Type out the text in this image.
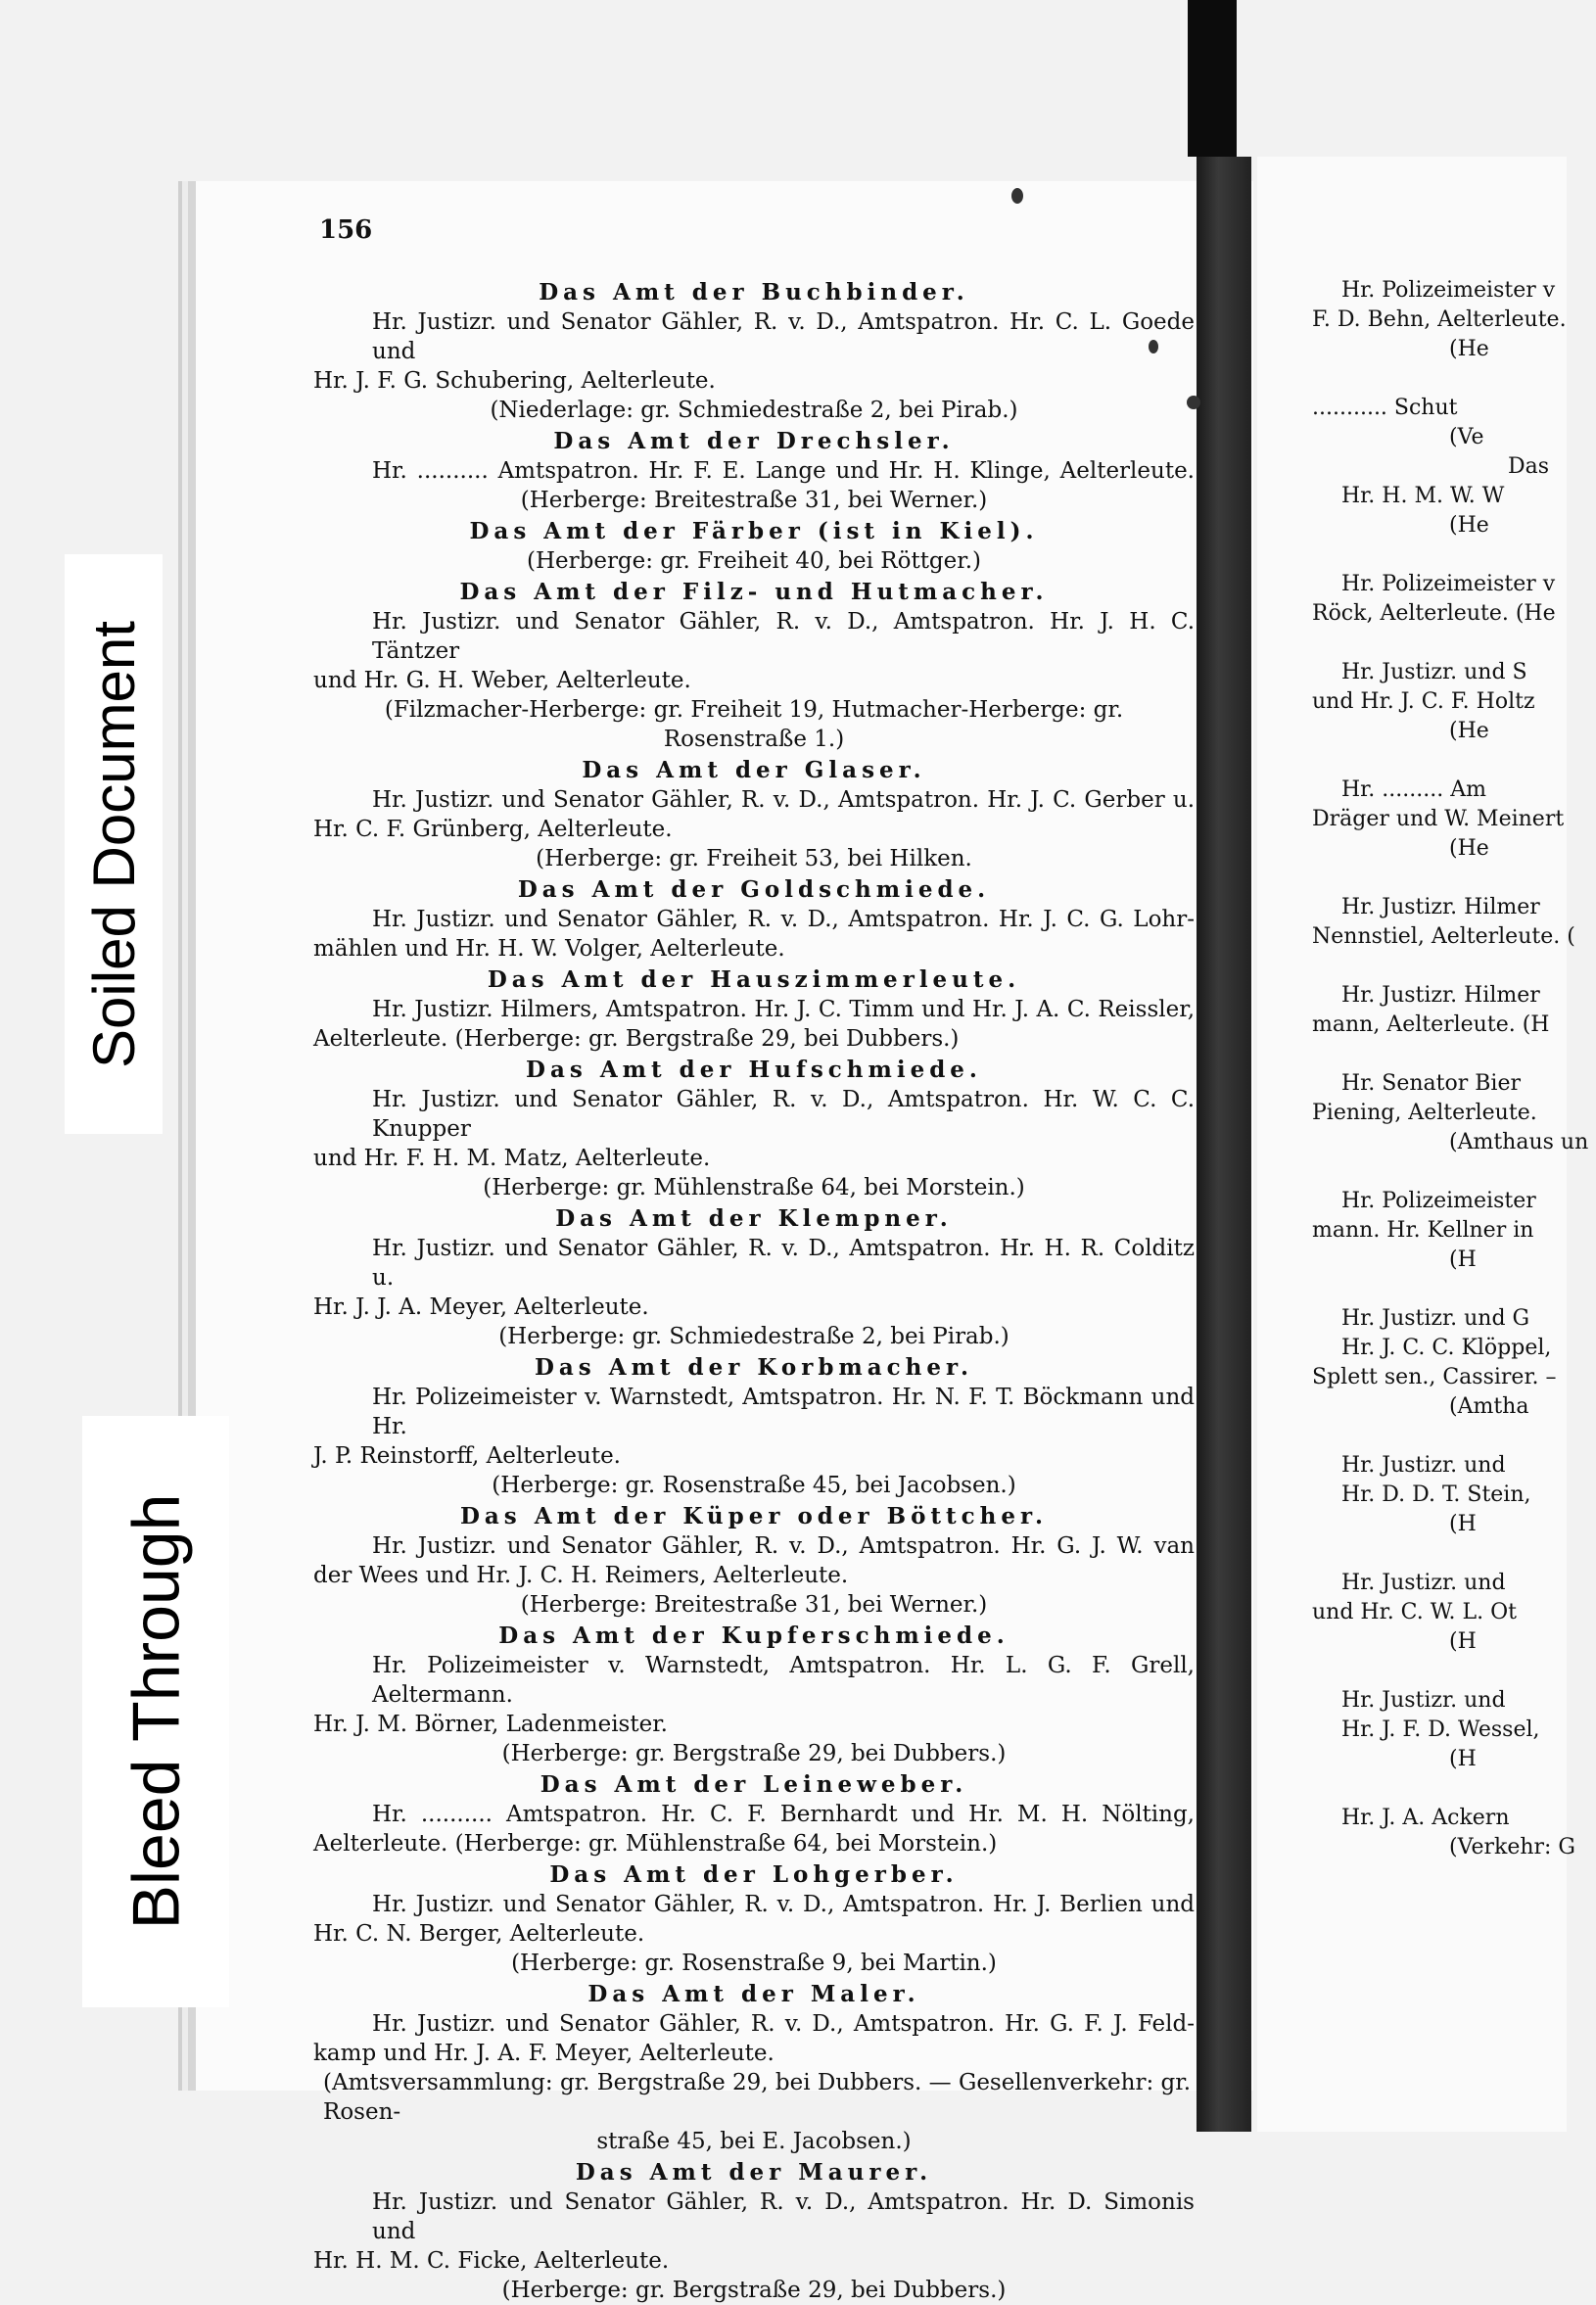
156
Das Amt der Buchbinder.
Hr. Justizr. und Senator Gähler, R. v. D., Amtspatron. Hr. C. L. Goede und
Hr. J. F. G. Schubering, Aelterleute.
(Niederlage: gr. Schmiedestraße 2, bei Pirab.)
Das Amt der Drechsler.
Hr. .......... Amtspatron. Hr. F. E. Lange und Hr. H. Klinge, Aelterleute.
(Herberge: Breitestraße 31, bei Werner.)
Das Amt der Färber (ist in Kiel).
(Herberge: gr. Freiheit 40, bei Röttger.)
Das Amt der Filz- und Hutmacher.
Hr. Justizr. und Senator Gähler, R. v. D., Amtspatron. Hr. J. H. C. Täntzer
und Hr. G. H. Weber, Aelterleute.
(Filzmacher-Herberge: gr. Freiheit 19, Hutmacher-Herberge: gr. Rosenstraße 1.)
Das Amt der Glaser.
Hr. Justizr. und Senator Gähler, R. v. D., Amtspatron. Hr. J. C. Gerber u.
Hr. C. F. Grünberg, Aelterleute.
(Herberge: gr. Freiheit 53, bei Hilken.
Das Amt der Goldschmiede.
Hr. Justizr. und Senator Gähler, R. v. D., Amtspatron. Hr. J. C. G. Lohr-
mählen und Hr. H. W. Volger, Aelterleute.
Das Amt der Hauszimmerleute.
Hr. Justizr. Hilmers, Amtspatron. Hr. J. C. Timm und Hr. J. A. C. Reissler,
Aelterleute. (Herberge: gr. Bergstraße 29, bei Dubbers.)
Das Amt der Hufschmiede.
Hr. Justizr. und Senator Gähler, R. v. D., Amtspatron. Hr. W. C. C. Knupper
und Hr. F. H. M. Matz, Aelterleute.
(Herberge: gr. Mühlenstraße 64, bei Morstein.)
Das Amt der Klempner.
Hr. Justizr. und Senator Gähler, R. v. D., Amtspatron. Hr. H. R. Colditz u.
Hr. J. J. A. Meyer, Aelterleute.
(Herberge: gr. Schmiedestraße 2, bei Pirab.)
Das Amt der Korbmacher.
Hr. Polizeimeister v. Warnstedt, Amtspatron. Hr. N. F. T. Böckmann und Hr.
J. P. Reinstorff, Aelterleute.
(Herberge: gr. Rosenstraße 45, bei Jacobsen.)
Das Amt der Küper oder Böttcher.
Hr. Justizr. und Senator Gähler, R. v. D., Amtspatron. Hr. G. J. W. van
der Wees und Hr. J. C. H. Reimers, Aelterleute.
(Herberge: Breitestraße 31, bei Werner.)
Das Amt der Kupferschmiede.
Hr. Polizeimeister v. Warnstedt, Amtspatron. Hr. L. G. F. Grell, Aeltermann.
Hr. J. M. Börner, Ladenmeister.
(Herberge: gr. Bergstraße 29, bei Dubbers.)
Das Amt der Leineweber.
Hr. .......... Amtspatron. Hr. C. F. Bernhardt und Hr. M. H. Nölting,
Aelterleute. (Herberge: gr. Mühlenstraße 64, bei Morstein.)
Das Amt der Lohgerber.
Hr. Justizr. und Senator Gähler, R. v. D., Amtspatron. Hr. J. Berlien und
Hr. C. N. Berger, Aelterleute.
(Herberge: gr. Rosenstraße 9, bei Martin.)
Das Amt der Maler.
Hr. Justizr. und Senator Gähler, R. v. D., Amtspatron. Hr. G. F. J. Feld-
kamp und Hr. J. A. F. Meyer, Aelterleute.
(Amtsversammlung: gr. Bergstraße 29, bei Dubbers. — Gesellenverkehr: gr. Rosen-
straße 45, bei E. Jacobsen.)
Das Amt der Maurer.
Hr. Justizr. und Senator Gähler, R. v. D., Amtspatron. Hr. D. Simonis und
Hr. H. M. C. Ficke, Aelterleute.
(Herberge: gr. Bergstraße 29, bei Dubbers.)
Hr. Polizeimeister v
F. D. Behn, Aelterleute.
(He
........... Schut
(Ve
Das
Hr. H. M. W. W
(He
Hr. Polizeimeister v
Röck, Aelterleute. (He
Hr. Justizr. und S
und Hr. J. C. F. Holtz
(He
Hr. ......... Am
Dräger und W. Meinert
(He
Hr. Justizr. Hilmer
Nennstiel, Aelterleute. (
Hr. Justizr. Hilmer
mann, Aelterleute. (H
Hr. Senator Bier
Piening, Aelterleute.
(Amthaus un
Hr. Polizeimeister
mann. Hr. Kellner in
(H
Hr. Justizr. und G
Hr. J. C. C. Klöppel,
Splett sen., Cassirer. –
(Amtha
Hr. Justizr. und
Hr. D. D. T. Stein,
(H
Hr. Justizr. und
und Hr. C. W. L. Ot
(H
Hr. Justizr. und
Hr. J. F. D. Wessel,
(H
Hr. J. A. Ackern
(Verkehr: G
Soiled Document
Bleed Through
